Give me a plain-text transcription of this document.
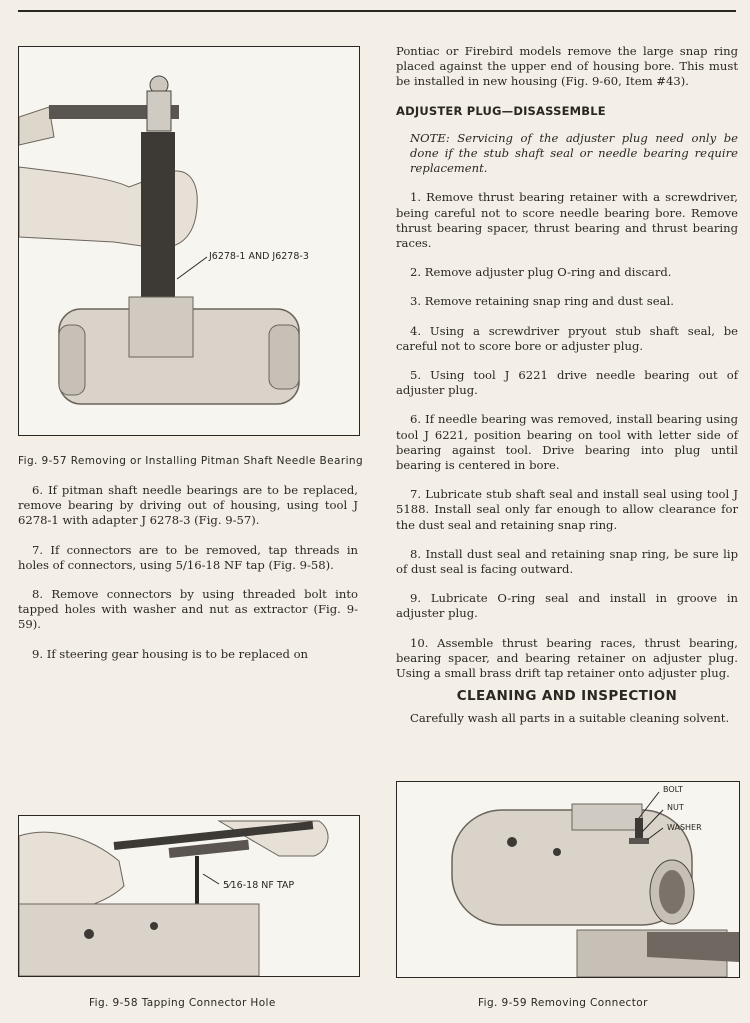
J6278-1 AND J6278-3
Fig. 9-57 Removing or Installing Pitman Shaft Needle Bearing

6. If pitman shaft needle bearings are to be replaced, remove bearing by driving out of housing, using tool J 6278-1 with adapter J 6278-3 (Fig. 9-57).

7. If connectors are to be removed, tap threads in holes of connectors, using 5/16-18 NF tap (Fig. 9-58).

8. Remove connectors by using threaded bolt into tapped holes with washer and nut as extractor (Fig. 9-59).

9. If steering gear housing is to be replaced on

5⁄16-18 NF TAP
Fig. 9-58 Tapping Connector Hole

Pontiac or Firebird models remove the large snap ring placed against the upper end of housing bore. This must be installed in new housing (Fig. 9-60, Item #43).

ADJUSTER PLUG—DISASSEMBLE

NOTE: Servicing of the adjuster plug need only be done if the stub shaft seal or needle bearing require replacement.

1. Remove thrust bearing retainer with a screwdriver, being careful not to score needle bearing bore. Remove thrust bearing spacer, thrust bearing and thrust bearing races.

2. Remove adjuster plug O-ring and discard.

3. Remove retaining snap ring and dust seal.

4. Using a screwdriver pryout stub shaft seal, be careful not to score bore or adjuster plug.

5. Using tool J 6221 drive needle bearing out of adjuster plug.

6. If needle bearing was removed, install bearing using tool J 6221, position bearing on tool with letter side of bearing against tool. Drive bearing into plug until bearing is centered in bore.

7. Lubricate stub shaft seal and install seal using tool J 5188. Install seal only far enough to allow clearance for the dust seal and retaining snap ring.

8. Install dust seal and retaining snap ring, be sure lip of dust seal is facing outward.

9. Lubricate O-ring seal and install in groove in adjuster plug.

10. Assemble thrust bearing races, thrust bearing, bearing spacer, and bearing retainer on adjuster plug. Using a small brass drift tap retainer onto adjuster plug.

CLEANING AND INSPECTION

Carefully wash all parts in a suitable cleaning solvent.

BOLT
NUT
WASHER
Fig. 9-59 Removing Connector
